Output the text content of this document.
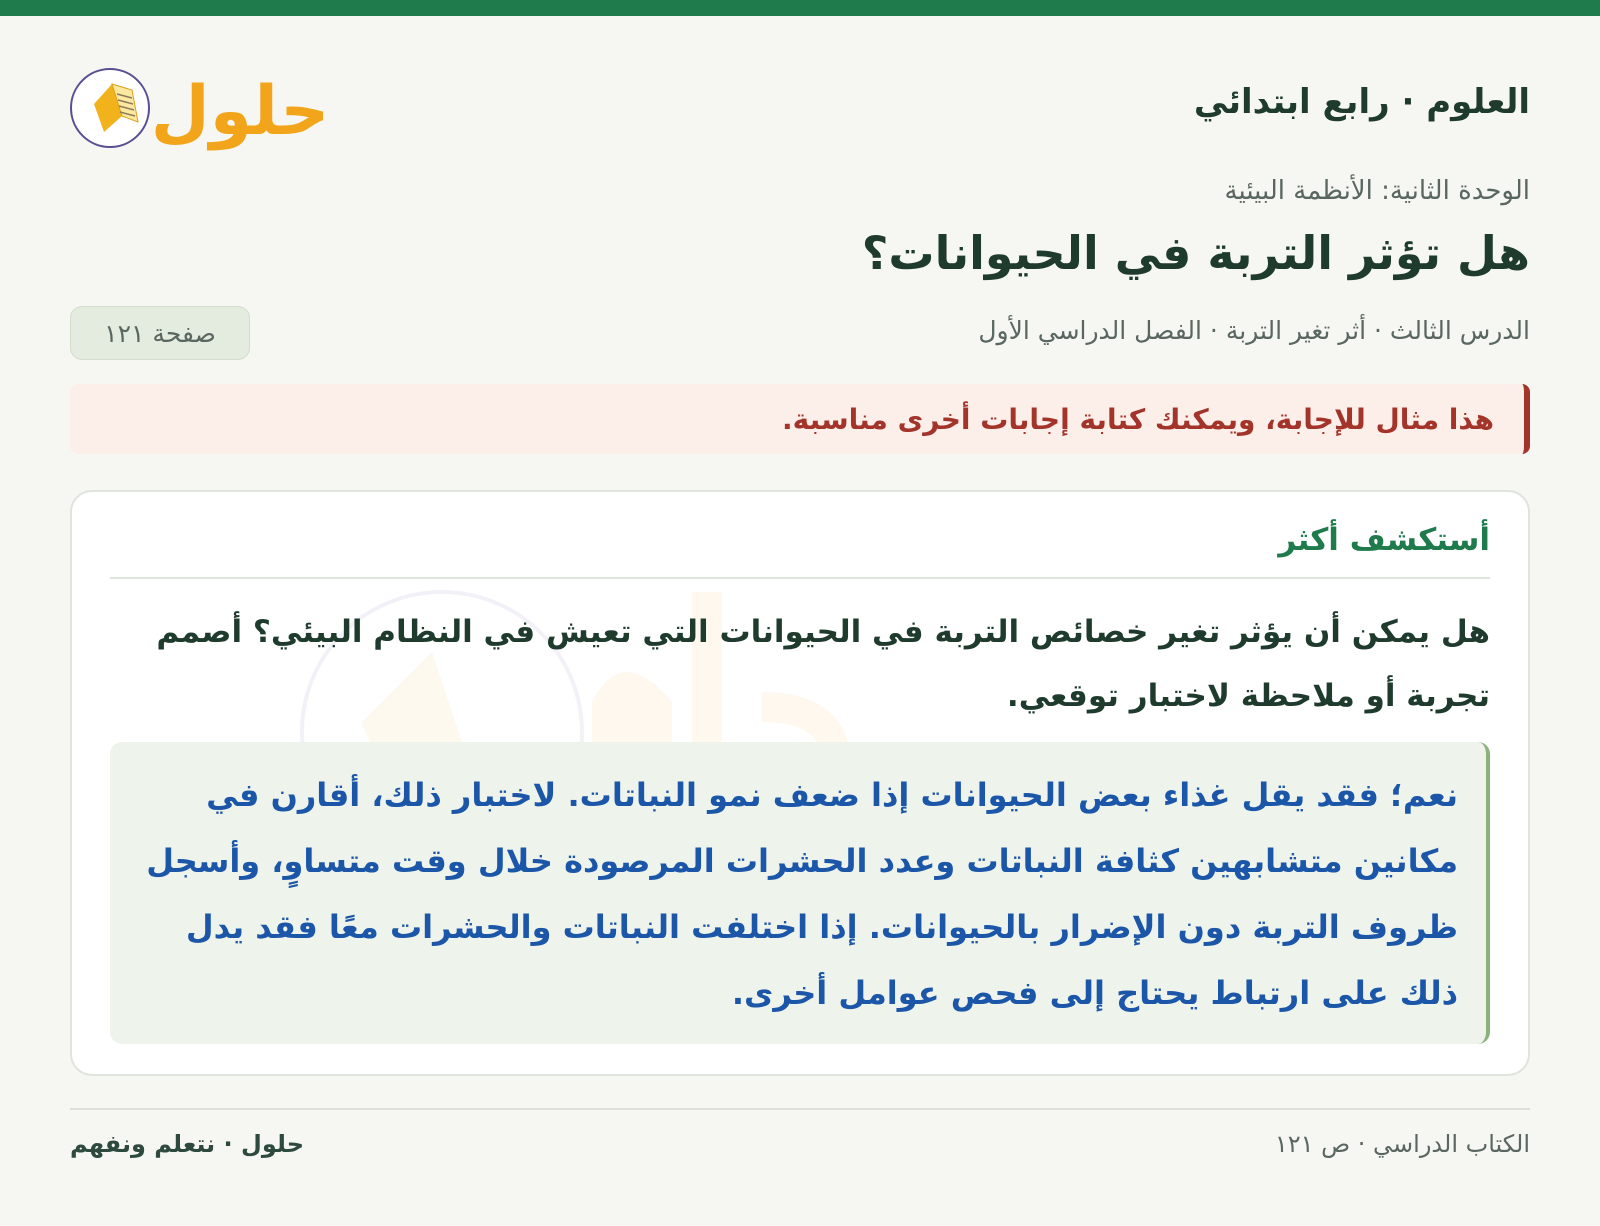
العلوم · رابع ابتدائي
حلول
الوحدة الثانية: الأنظمة البيئية
هل تؤثر التربة في الحيوانات؟
الدرس الثالث · أثر تغير التربة · الفصل الدراسي الأول
صفحة ١٢١
هذا مثال للإجابة، ويمكنك كتابة إجابات أخرى مناسبة.
أستكشف أكثر

هل يمكن أن يؤثر تغير خصائص التربة في الحيوانات التي تعيش في النظام البيئي؟ أصمم تجربة أو ملاحظة لاختبار توقعي.

نعم؛ فقد يقل غذاء بعض الحيوانات إذا ضعف نمو النباتات. لاختبار ذلك، أقارن في مكانين متشابهين كثافة النباتات وعدد الحشرات المرصودة خلال وقت متساوٍ، وأسجل ظروف التربة دون الإضرار بالحيوانات. إذا اختلفت النباتات والحشرات معًا فقد يدل ذلك على ارتباط يحتاج إلى فحص عوامل أخرى.
حلول · نتعلم ونفهم	الكتاب الدراسي · ص ١٢١
